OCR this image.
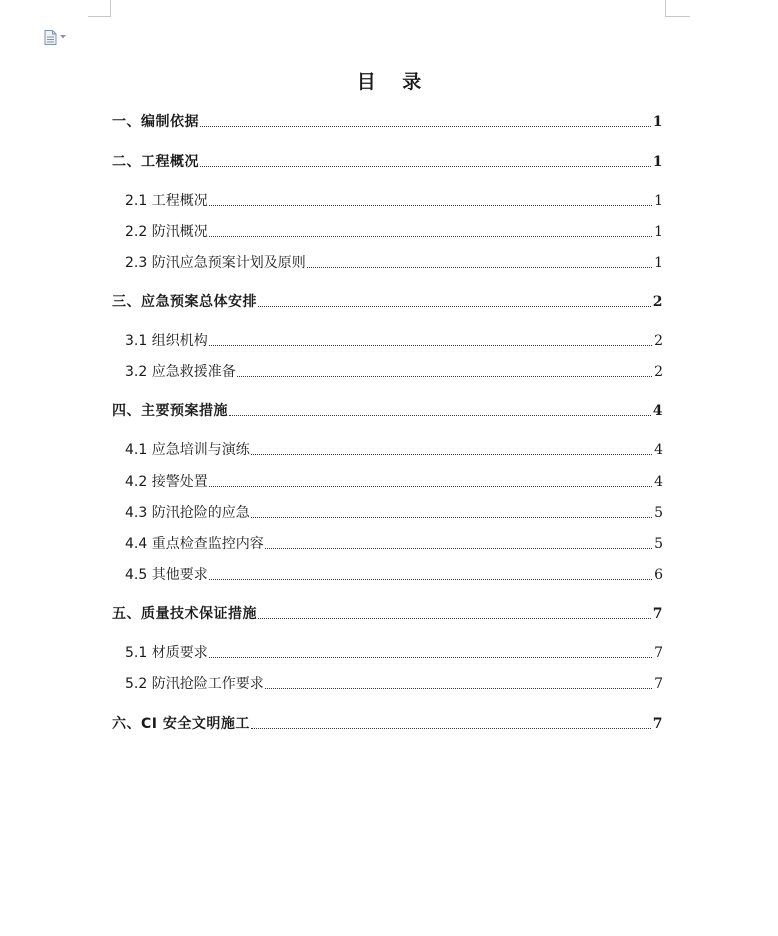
目 录
一、编制依据	1
二、工程概况	1
2.1 工程概况	1
2.2 防汛概况	1
2.3 防汛应急预案计划及原则	1
三、应急预案总体安排	2
3.1 组织机构	2
3.2 应急救援准备	2
四、主要预案措施	4
4.1 应急培训与演练	4
4.2 接警处置	4
4.3 防汛抢险的应急	5
4.4 重点检查监控内容	5
4.5 其他要求	6
五、质量技术保证措施	7
5.1 材质要求	7
5.2 防汛抢险工作要求	7
六、CI 安全文明施工	7
